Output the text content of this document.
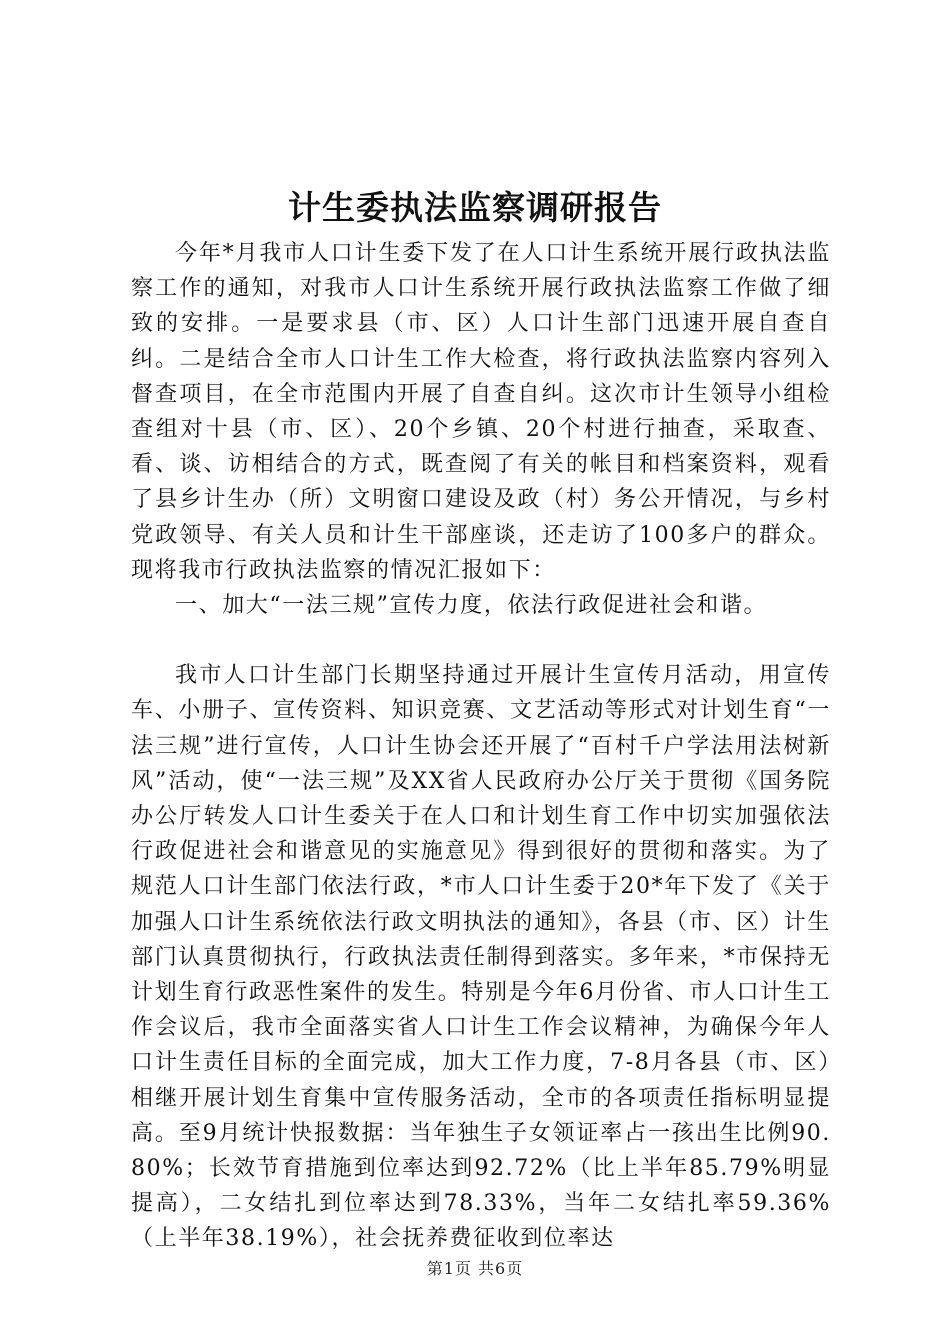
计生委执法监察调研报告

今年*月我市人口计生委下发了在人口计生系统开展行政执法监察工作的通知，对我市人口计生系统开展行政执法监察工作做了细致的安排。一是要求县（市、区）人口计生部门迅速开展自查自纠。二是结合全市人口计生工作大检查，将行政执法监察内容列入督查项目，在全市范围内开展了自查自纠。这次市计生领导小组检查组对十县（市、区）、20个乡镇、20个村进行抽查，采取查、看、谈、访相结合的方式，既查阅了有关的帐目和档案资料，观看了县乡计生办（所）文明窗口建设及政（村）务公开情况，与乡村党政领导、有关人员和计生干部座谈，还走访了100多户的群众。现将我市行政执法监察的情况汇报如下：

一、加大“一法三规”宣传力度，依法行政促进社会和谐。

我市人口计生部门长期坚持通过开展计生宣传月活动，用宣传车、小册子、宣传资料、知识竞赛、文艺活动等形式对计划生育“一法三规”进行宣传，人口计生协会还开展了“百村千户学法用法树新风”活动，使“一法三规”及XX省人民政府办公厅关于贯彻《国务院办公厅转发人口计生委关于在人口和计划生育工作中切实加强依法行政促进社会和谐意见的实施意见》得到很好的贯彻和落实。为了规范人口计生部门依法行政，*市人口计生委于20*年下发了《关于加强人口计生系统依法行政文明执法的通知》，各县（市、区）计生部门认真贯彻执行，行政执法责任制得到落实。多年来，*市保持无计划生育行政恶性案件的发生。特别是今年6月份省、市人口计生工作会议后，我市全面落实省人口计生工作会议精神，为确保今年人口计生责任目标的全面完成，加大工作力度，7-8月各县（市、区）相继开展计划生育集中宣传服务活动，全市的各项责任指标明显提高。至9月统计快报数据：当年独生子女领证率占一孩出生比例90.80%；长效节育措施到位率达到92.72%（比上半年85.79%明显提高），二女结扎到位率达到78.33%，当年二女结扎率59.36%（上半年38.19%），社会抚养费征收到位率达

第1页 共6页
